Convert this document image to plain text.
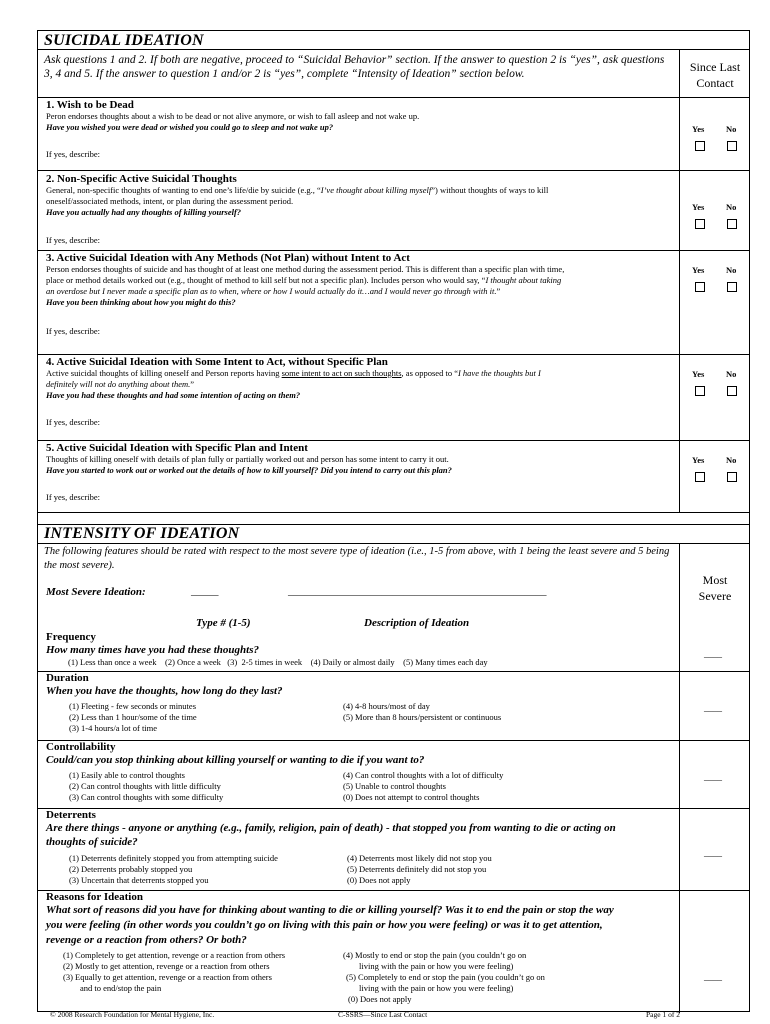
SUICIDAL IDEATION
Ask questions 1 and 2. If both are negative, proceed to “Suicidal Behavior” section. If the answer to question 2 is “yes”, ask questions 3, 4 and 5. If the answer to question 1 and/or 2 is “yes”, complete “Intensity of Ideation” section below.	Since Last
Contact
1. Wish to be Dead
Peron endorses thoughts about a wish to be dead or not alive anymore, or wish to fall asleep and not wake up.
Have you wished you were dead or wished you could go to sleep and not wake up?
If yes, describe:
Yes	No
2. Non-Specific Active Suicidal Thoughts
General, non-specific thoughts of wanting to end one’s life/die by suicide (e.g., “I’ve thought about killing myself”) without thoughts of ways to kill
oneself/associated methods, intent, or plan during the assessment period.
Have you actually had any thoughts of killing yourself?
If yes, describe:
Yes	No
3. Active Suicidal Ideation with Any Methods (Not Plan) without Intent to Act
Person endorses thoughts of suicide and has thought of at least one method during the assessment period. This is different than a specific plan with time,
place or method details worked out (e.g., thought of method to kill self but not a specific plan). Includes person who would say, “I thought about taking
an overdose but I never made a specific plan as to when, where or how I would actually do it…and I would never go through with it.”
Have you been thinking about how you might do this?
If yes, describe:
Yes	No
4. Active Suicidal Ideation with Some Intent to Act, without Specific Plan
Active suicidal thoughts of killing oneself and Person reports having some intent to act on such thoughts, as opposed to “I have the thoughts but I
definitely will not do anything about them.”
Have you had these thoughts and had some intention of acting on them?
If yes, describe:
Yes	No
5. Active Suicidal Ideation with Specific Plan and Intent
Thoughts of killing oneself with details of plan fully or partially worked out and person has some intent to carry it out.
Have you started to work out or worked out the details of how to kill yourself? Did you intend to carry out this plan?
If yes, describe:
Yes	No
INTENSITY OF IDEATION
The following features should be rated with respect to the most severe type of ideation (i.e., 1-5 from above, with 1 being the least severe and 5 being the most severe).
Most
Severe
Most Severe Ideation:	_____	_______________________________________________
Type # (1-5)	Description of Ideation
Frequency
How many times have you had these thoughts?
(1) Less than once a week    (2) Once a week   (3)  2-5 times in week    (4) Daily or almost daily    (5) Many times each day
____
Duration
When you have the thoughts, how long do they last?
(1) Fleeting - few seconds or minutes
(2) Less than 1 hour/some of the time
(3) 1-4 hours/a lot of time
(4) 4-8 hours/most of day
(5) More than 8 hours/persistent or continuous
____
Controllability
Could/can you stop thinking about killing yourself or wanting to die if you want to?
(1) Easily able to control thoughts
(2) Can control thoughts with little difficulty
(3) Can control thoughts with some difficulty
(4) Can control thoughts with a lot of difficulty
(5) Unable to control thoughts
(0) Does not attempt to control thoughts
____
Deterrents
Are there things - anyone or anything (e.g., family, religion, pain of death) - that stopped you from wanting to die or acting on
thoughts of suicide?
(1) Deterrents definitely stopped you from attempting suicide
(2) Deterrents probably stopped you
(3) Uncertain that deterrents stopped you
(4) Deterrents most likely did not stop you
(5) Deterrents definitely did not stop you
(0) Does not apply
____
Reasons for Ideation
What sort of reasons did you have for thinking about wanting to die or killing yourself? Was it to end the pain or stop the way
you were feeling (in other words you couldn’t go on living with this pain or how you were feeling) or was it to get attention,
revenge or a reaction from others? Or both?
(1) Completely to get attention, revenge or a reaction from others
(2) Mostly to get attention, revenge or a reaction from others
(3) Equally to get attention, revenge or a reaction from others
and to end/stop the pain
(4) Mostly to end or stop the pain (you couldn’t go on
living with the pain or how you were feeling)
(5) Completely to end or stop the pain (you couldn’t go on
living with the pain or how you were feeling)
(0) Does not apply
____
© 2008 Research Foundation for Mental Hygiene, Inc.	C-SSRS—Since Last Contact	Page 1 of 2
